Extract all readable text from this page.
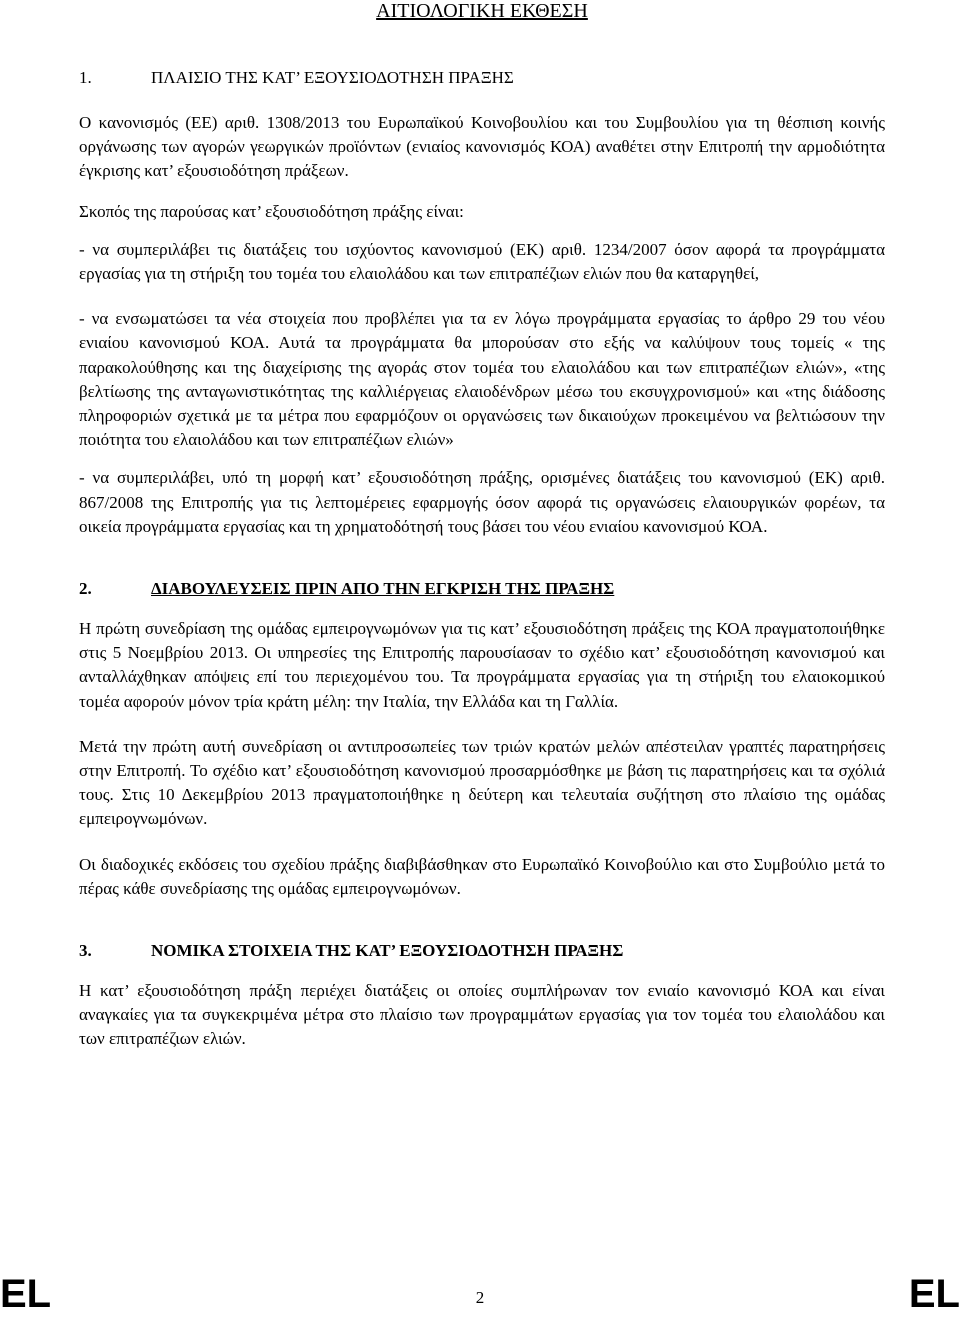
ΑΙΤΙΟΛΟΓΙΚΗ ΕΚΘΕΣΗ
1.	ΠΛΑΙΣΙΟ ΤΗΣ ΚΑΤ’ ΕΞΟΥΣΙΟΔΟΤΗΣΗ ΠΡΑΞΗΣ

Ο κανονισμός (ΕΕ) αριθ. 1308/2013 του Ευρωπαϊκού Κοινοβουλίου και του Συμβουλίου για τη θέσπιση κοινής οργάνωσης των αγορών γεωργικών προϊόντων (ενιαίος κανονισμός ΚΟΑ) αναθέτει στην Επιτροπή την αρμοδιότητα έγκρισης κατ’ εξουσιοδότηση πράξεων.

Σκοπός της παρούσας κατ’ εξουσιοδότηση πράξης είναι:

- να συμπεριλάβει τις διατάξεις του ισχύοντος κανονισμού (ΕΚ) αριθ. 1234/2007 όσον αφορά τα προγράμματα εργασίας για τη στήριξη του τομέα του ελαιολάδου και των επιτραπέζιων ελιών που θα καταργηθεί,

- να ενσωματώσει τα νέα στοιχεία που προβλέπει για τα εν λόγω προγράμματα εργασίας το άρθρο 29 του νέου ενιαίου κανονισμού ΚΟΑ. Αυτά τα προγράμματα θα μπορούσαν στο εξής να καλύψουν τους τομείς « της παρακολούθησης και της διαχείρισης της αγοράς στον τομέα του ελαιολάδου και των επιτραπέζιων ελιών», «της βελτίωσης της ανταγωνιστικότητας της καλλιέργειας ελαιοδένδρων μέσω του εκσυγχρονισμού» και «της διάδοσης πληροφοριών σχετικά με τα μέτρα που εφαρμόζουν οι οργανώσεις των δικαιούχων προκειμένου να βελτιώσουν την ποιότητα του ελαιολάδου και των επιτραπέζιων ελιών»

- να συμπεριλάβει, υπό τη μορφή κατ’ εξουσιοδότηση πράξης, ορισμένες διατάξεις του κανονισμού (ΕΚ) αριθ. 867/2008 της Επιτροπής για τις λεπτομέρειες εφαρμογής όσον αφορά τις οργανώσεις ελαιουργικών φορέων, τα οικεία προγράμματα εργασίας και τη χρηματοδότησή τους βάσει του νέου ενιαίου κανονισμού ΚΟΑ.

2.	ΔΙΑΒΟΥΛΕΥΣΕΙΣ ΠΡΙΝ ΑΠΟ ΤΗΝ ΕΓΚΡΙΣΗ ΤΗΣ ΠΡΑΞΗΣ

Η πρώτη συνεδρίαση της ομάδας εμπειρογνωμόνων για τις κατ’ εξουσιοδότηση πράξεις της ΚΟΑ πραγματοποιήθηκε στις 5 Νοεμβρίου 2013. Οι υπηρεσίες της Επιτροπής παρουσίασαν το σχέδιο κατ’ εξουσιοδότηση κανονισμού και ανταλλάχθηκαν απόψεις επί του περιεχομένου του. Τα προγράμματα εργασίας για τη στήριξη του ελαιοκομικού τομέα αφορούν μόνον τρία κράτη μέλη: την Ιταλία, την Ελλάδα και τη Γαλλία.

Μετά την πρώτη αυτή συνεδρίαση οι αντιπροσωπείες των τριών κρατών μελών απέστειλαν γραπτές παρατηρήσεις στην Επιτροπή. Το σχέδιο κατ’ εξουσιοδότηση κανονισμού προσαρμόσθηκε με βάση τις παρατηρήσεις και τα σχόλιά τους. Στις 10 Δεκεμβρίου 2013 πραγματοποιήθηκε η δεύτερη και τελευταία συζήτηση στο πλαίσιο της ομάδας εμπειρογνωμόνων.

Οι διαδοχικές εκδόσεις του σχεδίου πράξης διαβιβάσθηκαν στο Ευρωπαϊκό Κοινοβούλιο και στο Συμβούλιο μετά το πέρας κάθε συνεδρίασης της ομάδας εμπειρογνωμόνων.

3.	ΝΟΜΙΚΑ ΣΤΟΙΧΕΙΑ ΤΗΣ ΚΑΤ’ ΕΞΟΥΣΙΟΔΟΤΗΣΗ ΠΡΑΞΗΣ

Η κατ’ εξουσιοδότηση πράξη περιέχει διατάξεις οι οποίες συμπλήρωναν τον ενιαίο κανονισμό ΚΟΑ και είναι αναγκαίες για τα συγκεκριμένα μέτρα στο πλαίσιο των προγραμμάτων εργασίας για τον τομέα του ελαιολάδου και των επιτραπέζιων ελιών.

EL	2	EL
